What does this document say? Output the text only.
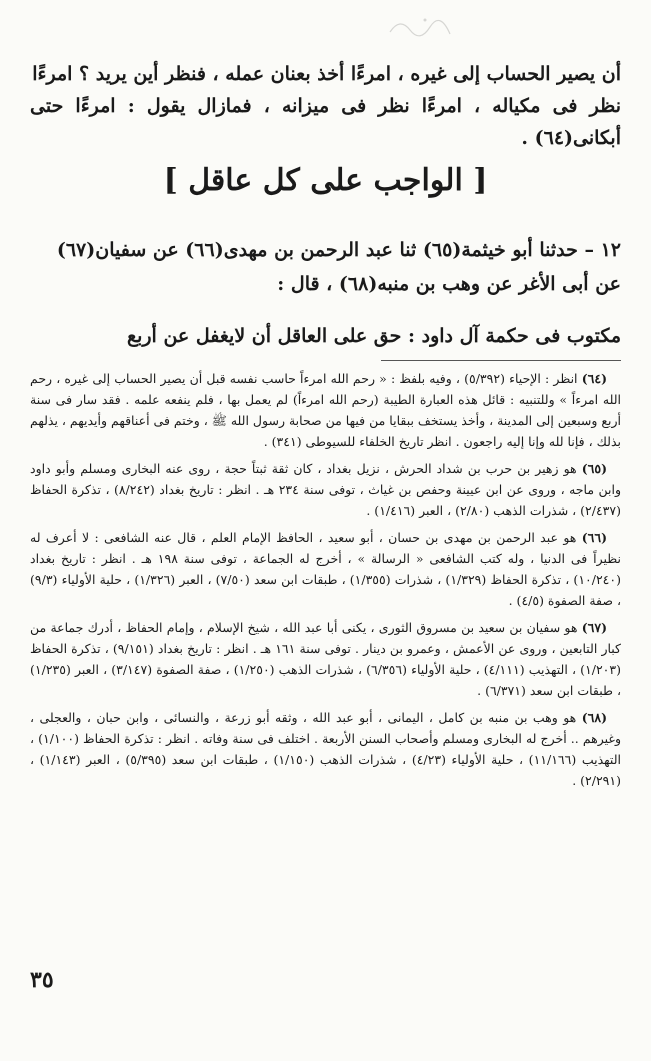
أن يصير الحساب إلى غيره ، امرءًا أخذ بعنان عمله ، فنظر أين يريد ؟ امرءًا

نظر فى مكياله ، امرءًا نظر فى ميزانه ، فمازال يقول : امرءًا حتى أبكانى(٦٤) .

[ الواجب على كل عاقل ]

١٢ – حدثنا أبو خيثمة(٦٥) ثنا عبد الرحمن بن مهدى(٦٦) عن سفيان(٦٧)

عن أبى الأغر عن وهب بن منبه(٦٨) ، قال :

مكتوب فى حكمة آل داود : حق على العاقل أن لايغفل عن أربع

(٦٤) انظر : الإحياء (٥/٣٩٢) ، وفيه بلفظ : « رحم الله امرءاً حاسب نفسه قبل أن يصير الحساب إلى غيره ، رحم الله امرءاً » وللتنبيه : قائل هذه العبارة الطيبة (رحم الله امرءاً) لم يعمل بها ، فلم ينفعه علمه . فقد سار فى سنة أربع وسبعين إلى المدينة ، وأخذ يستخف ببقايا من فيها من صحابة رسول الله ﷺ ، وختم فى أعناقهم وأيديهم ، يذلهم بذلك ، فإنا لله وإنا إليه راجعون . انظر تاريخ الخلفاء للسيوطى (٣٤١) .

(٦٥) هو زهير بن حرب بن شداد الحرش ، نزيل بغداد ، كان ثقة ثبتاً حجة ، روى عنه البخارى ومسلم وأبو داود وابن ماجه ، وروى عن ابن عيينة وحفص بن غياث ، توفى سنة ٢٣٤ هـ . انظر : تاريخ بغداد (٨/٢٤٢) ، تذكرة الحفاظ (٢/٤٣٧) ، شذرات الذهب (٢/٨٠) ، العبر (١/٤١٦) .

(٦٦) هو عبد الرحمن بن مهدى بن حسان ، أبو سعيد ، الحافظ الإمام العلم ، قال عنه الشافعى : لا أعرف له نظيراً فى الدنيا ، وله كتب الشافعى « الرسالة » ، أخرج له الجماعة ، توفى سنة ١٩٨ هـ . انظر : تاريخ بغداد (١٠/٢٤٠) ، تذكرة الحفاظ (١/٣٢٩) ، شذرات (١/٣٥٥) ، طبقات ابن سعد (٧/٥٠) ، العبر (١/٣٢٦) ، حلية الأولياء (٩/٣) ، صفة الصفوة (٤/٥) .

(٦٧) هو سفيان بن سعيد بن مسروق الثورى ، يكنى أبا عبد الله ، شيخ الإسلام ، وإمام الحفاظ ، أدرك جماعة من كبار التابعين ، وروى عن الأعمش ، وعمرو بن دينار . توفى سنة ١٦١ هـ . انظر : تاريخ بغداد (٩/١٥١) ، تذكرة الحفاظ (١/٢٠٣) ، التهذيب (٤/١١١) ، حلية الأولياء (٦/٣٥٦) ، شذرات الذهب (١/٢٥٠) ، صفة الصفوة (٣/١٤٧) ، العبر (١/٢٣٥) ، طبقات ابن سعد (٦/٣٧١) .

(٦٨) هو وهب بن منبه بن كامل ، اليمانى ، أبو عبد الله ، وثقه أبو زرعة ، والنسائى ، وابن حبان ، والعجلى ، وغيرهم .. أخرج له البخارى ومسلم وأصحاب السنن الأربعة . اختلف فى سنة وفاته . انظر : تذكرة الحفاظ (١/١٠٠) ، التهذيب (١١/١٦٦) ، حلية الأولياء (٤/٢٣) ، شذرات الذهب (١/١٥٠) ، طبقات ابن سعد (٥/٣٩٥) ، العبر (١/١٤٣) ، (٢/٢٩١) .

٣٥
